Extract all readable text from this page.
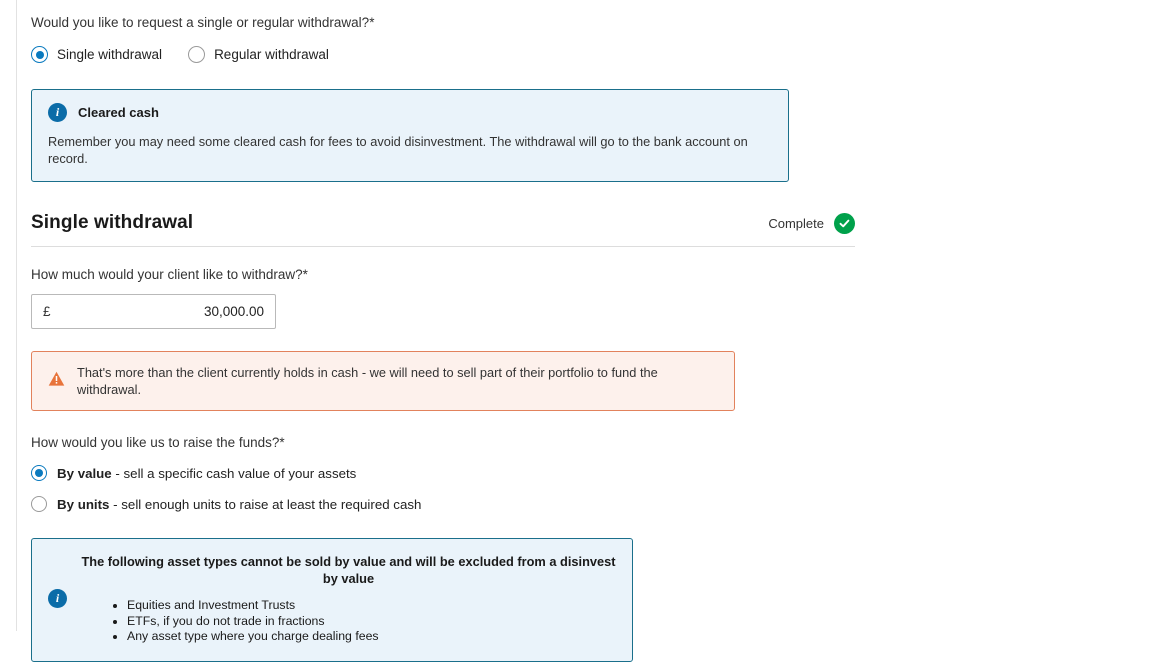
Would you like to request a single or regular withdrawal?*
Single withdrawal	Regular withdrawal
i	Cleared cash
Remember you may need some cleared cash for fees to avoid disinvestment. The withdrawal will go to the bank account on record.
Single withdrawal	Complete
How much would your client like to withdraw?*
£	30,000.00
That's more than the client currently holds in cash - we will need to sell part of their portfolio to fund the withdrawal.
How would you like us to raise the funds?*
By value - sell a specific cash value of your assets
By units - sell enough units to raise at least the required cash
i
The following asset types cannot be sold by value and will be excluded from a disinvest by value
• Equities and Investment Trusts
• ETFs, if you do not trade in fractions
• Any asset type where you charge dealing fees
